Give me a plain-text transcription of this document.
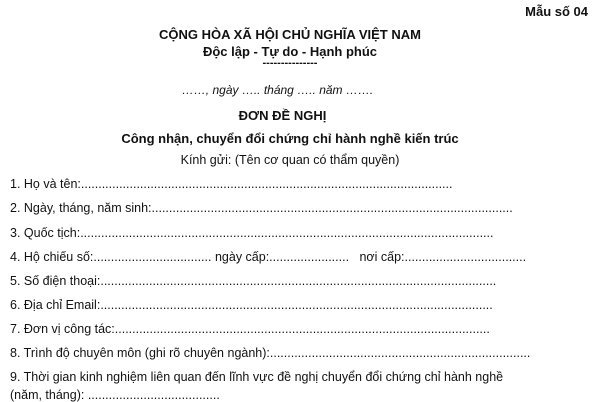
Mẫu số 04
CỘNG HÒA XÃ HỘI CHỦ NGHĨA VIỆT NAM
Độc lập - Tự do - Hạnh phúc
---------------
……, ngày ….. tháng ….. năm …….
ĐƠN ĐỀ NGHỊ
Công nhận, chuyển đổi chứng chỉ hành nghề kiến trúc
Kính gửi: (Tên cơ quan có thẩm quyền)
1. Họ và tên:...........................................................................................................
2. Ngày, tháng, năm sinh:........................................................................................................
3. Quốc tịch:.......................................................................................................................
4. Hộ chiếu số:.................................. ngày cấp:.......................   nơi cấp:...................................
5. Số điện thoại:..................................................................................................................
6. Địa chỉ Email:.................................................................................................................
7. Đơn vị công tác:............................................................................................................
8. Trình độ chuyên môn (ghi rõ chuyên ngành):...........................................................................
9. Thời gian kinh nghiệm liên quan đến lĩnh vực đề nghị chuyển đổi chứng chỉ hành nghề
(năm, tháng): ......................................
